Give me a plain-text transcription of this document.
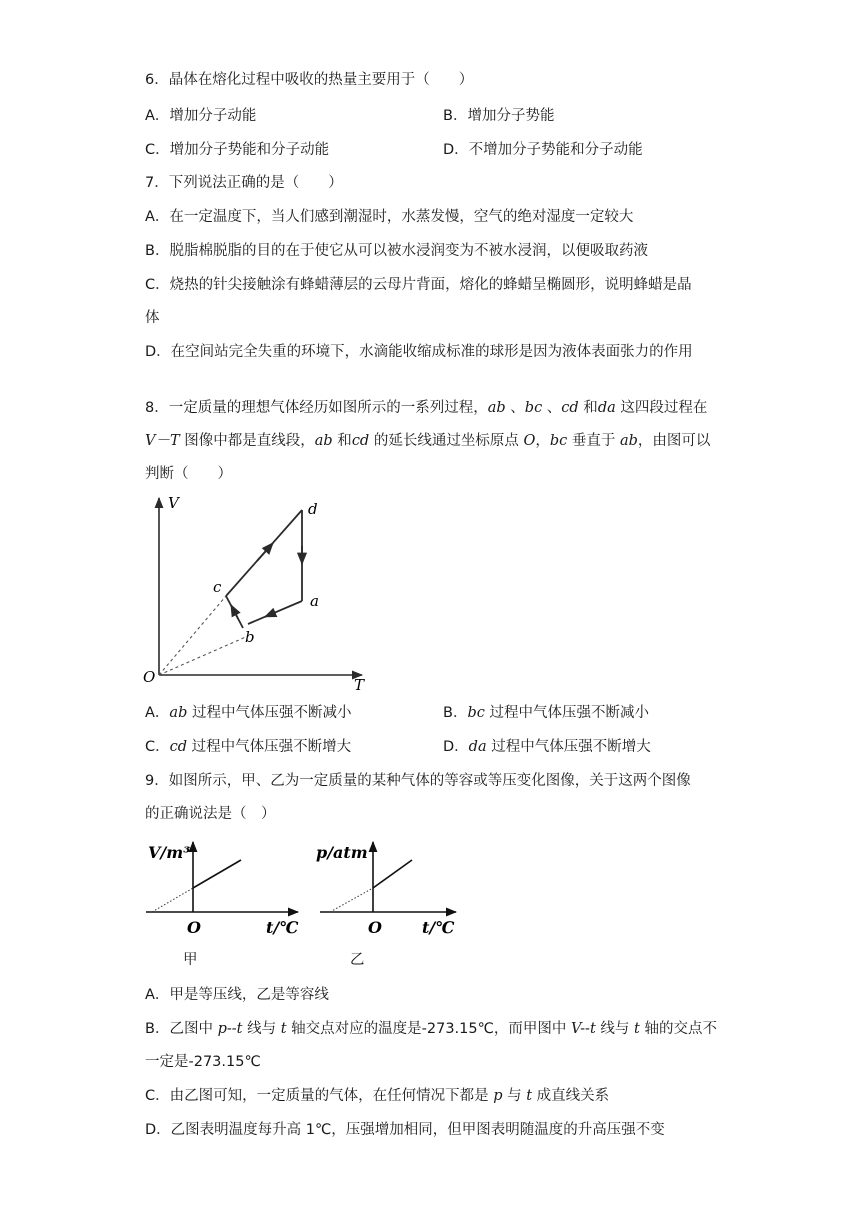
6．晶体在熔化过程中吸收的热量主要用于（　　）
A．增加分子动能	B．增加分子势能
C．增加分子势能和分子动能	D．不增加分子势能和分子动能
7．下列说法正确的是（　　）
A．在一定温度下，当人们感到潮湿时，水蒸发慢，空气的绝对湿度一定较大
B．脱脂棉脱脂的目的在于使它从可以被水浸润变为不被水浸润，以便吸取药液
C．烧热的针尖接触涂有蜂蜡薄层的云母片背面，熔化的蜂蜡呈椭圆形，说明蜂蜡是晶
体
D．在空间站完全失重的环境下，水滴能收缩成标准的球形是因为液体表面张力的作用
8．一定质量的理想气体经历如图所示的一系列过程，ab 、bc 、cd 和da 这四段过程在
V－T 图像中都是直线段，ab 和cd 的延长线通过坐标原点 O，bc 垂直于 ab，由图可以
判断（　　）
V
T
O
d
a
c
b
A．ab 过程中气体压强不断减小	B．bc 过程中气体压强不断减小
C．cd 过程中气体压强不断增大	D．da 过程中气体压强不断增大
9．如图所示，甲、乙为一定质量的某种气体的等容或等压变化图像，关于这两个图像
的正确说法是（　）
V/m³
O	t/℃
p/atm
O	t/℃
甲	乙
A．甲是等压线，乙是等容线
B．乙图中 p--t 线与 t 轴交点对应的温度是-273.15℃，而甲图中 V--t 线与 t 轴的交点不
一定是-273.15℃
C．由乙图可知，一定质量的气体，在任何情况下都是 p 与 t 成直线关系
D．乙图表明温度每升高 1℃，压强增加相同，但甲图表明随温度的升高压强不变
